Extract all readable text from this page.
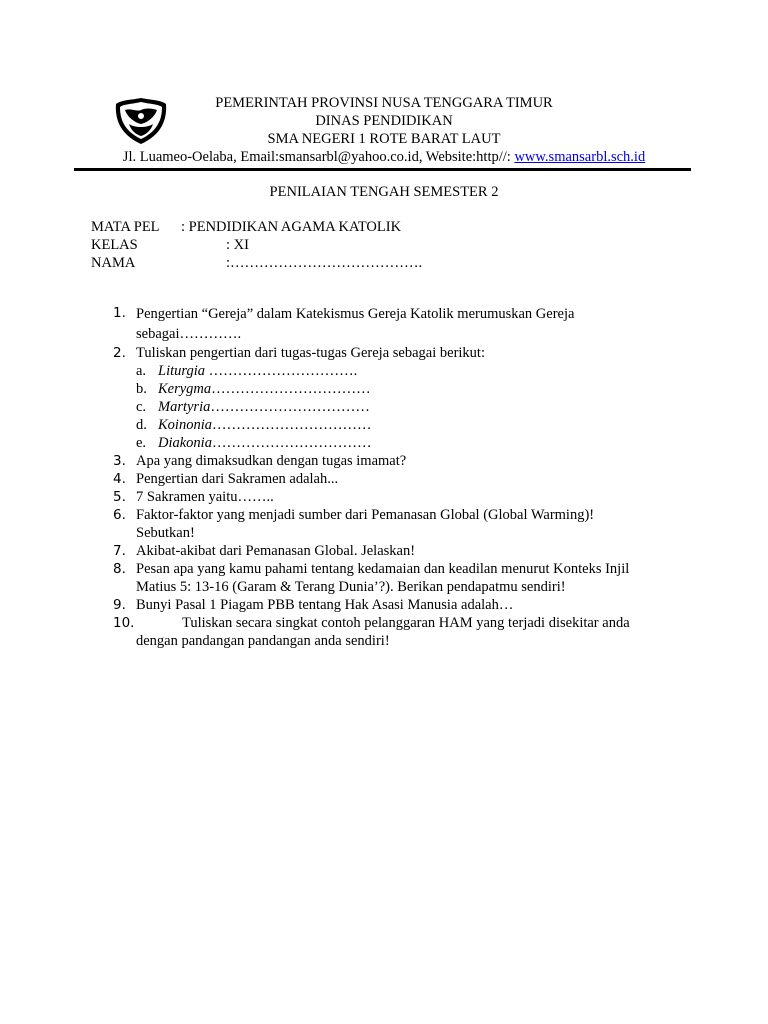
PEMERINTAH PROVINSI NUSA TENGGARA TIMUR
DINAS PENDIDIKAN
SMA NEGERI 1 ROTE BARAT LAUT
Jl. Luameo-Oelaba, Email:smansarbl@yahoo.co.id, Website:http//: www.smansarbl.sch.id
PENILAIAN TENGAH SEMESTER 2
MATA PEL : PENDIDIKAN AGAMA KATOLIK
KELAS	: XI
NAMA	:………………………………….
1. Pengertian “Gereja” dalam Katekismus Gereja Katolik merumuskan Gereja sebagai………….
2. Tuliskan pengertian dari tugas-tugas Gereja sebagai berikut:
a. Liturgia ………………………….
b. Kerygma……………………………
c. Martyria……………………………
d. Koinonia……………………………
e. Diakonia……………………………
3. Apa yang dimaksudkan dengan tugas imamat?
4. Pengertian dari Sakramen adalah...
5. 7 Sakramen yaitu……..
6. Faktor-faktor yang menjadi sumber dari Pemanasan Global (Global Warming)! Sebutkan!
7. Akibat-akibat dari Pemanasan Global. Jelaskan!
8. Pesan apa yang kamu pahami tentang kedamaian dan keadilan menurut Konteks Injil Matius 5: 13-16 (Garam & Terang Dunia’?). Berikan pendapatmu sendiri!
9. Bunyi Pasal 1 Piagam PBB tentang Hak Asasi Manusia adalah…
10.	Tuliskan secara singkat contoh pelanggaran HAM yang terjadi disekitar anda
dengan pandangan pandangan anda sendiri!
